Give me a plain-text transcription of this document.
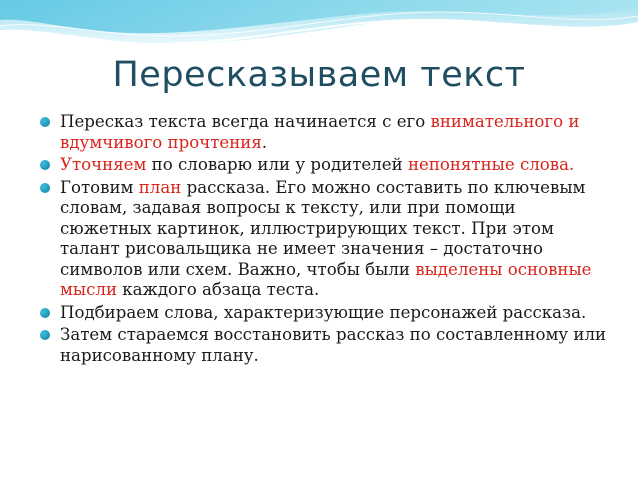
Пересказываем текст
Пересказ текста всегда начинается с его внимательного и вдумчивого прочтения.
Уточняем по словарю или у родителей непонятные слова.
Готовим план рассказа. Его можно составить по ключевым словам, задавая вопросы к тексту, или при помощи сюжетных картинок, иллюстрирующих текст. При этом талант рисовальщика не имеет значения – достаточно символов или схем. Важно, чтобы были выделены основные мысли каждого абзаца теста.
Подбираем слова, характеризующие персонажей рассказа.
Затем стараемся восстановить рассказ по составленному или нарисованному плану.
